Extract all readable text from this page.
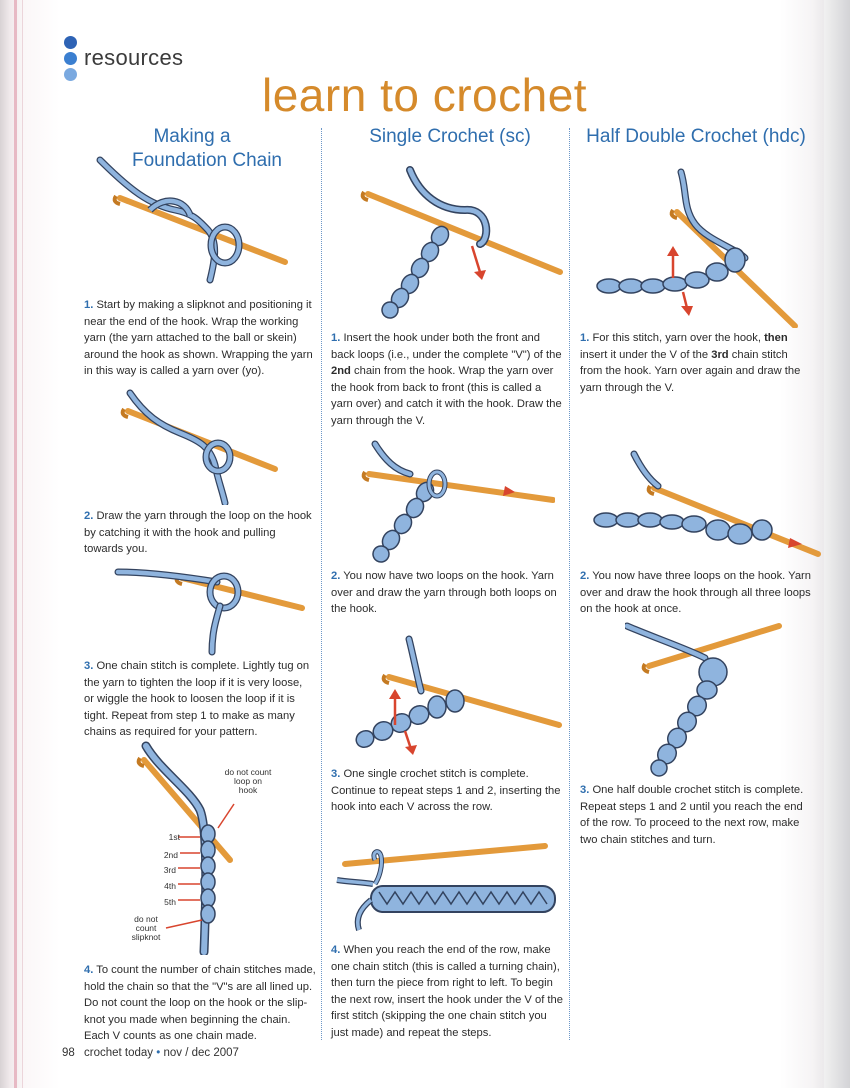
resources
learn to crochet
Making a
Foundation Chain
Single Crochet (sc)	Half Double Crochet (hdc)
do not count loop on hook
1st
2nd
3rd
4th
5th
do not count slipknot
1. Start by making a slipknot and positioning it near the end of the hook. Wrap the working yarn (the yarn attached to the ball or skein) around the hook as shown. Wrapping the yarn in this way is called a yarn over (yo).
2. Draw the yarn through the loop on the hook by catching it with the hook and pulling towards you.
3. One chain stitch is complete. Lightly tug on the yarn to tighten the loop if it is very loose, or wiggle the hook to loosen the loop if it is tight. Repeat from step 1 to make as many chains as required for your pattern.
4. To count the number of chain stitches made, hold the chain so that the "V"s are all lined up. Do not count the loop on the hook or the slip-knot you made when beginning the chain. Each V counts as one chain made.
1. Insert the hook under both the front and back loops (i.e., under the complete "V") of the 2nd chain from the hook. Wrap the yarn over the hook from back to front (this is called a yarn over) and catch it with the hook. Draw the yarn through the V.
2. You now have two loops on the hook. Yarn over and draw the yarn through both loops on the hook.
3. One single crochet stitch is complete. Continue to repeat steps 1 and 2, inserting the hook into each V across the row.
4. When you reach the end of the row, make one chain stitch (this is called a turning chain), then turn the piece from right to left. To begin the next row, insert the hook under the V of the first stitch (skipping the one chain stitch you just made) and repeat the steps.
1. For this stitch, yarn over the hook, then insert it under the V of the 3rd chain stitch from the hook. Yarn over again and draw the yarn through the V.
2. You now have three loops on the hook. Yarn over and draw the hook through all three loops on the hook at once.
3. One half double crochet stitch is complete. Repeat steps 1 and 2 until you reach the end of the row. To proceed to the next row, make two chain stitches and turn.
98 crochet today • nov / dec 2007
